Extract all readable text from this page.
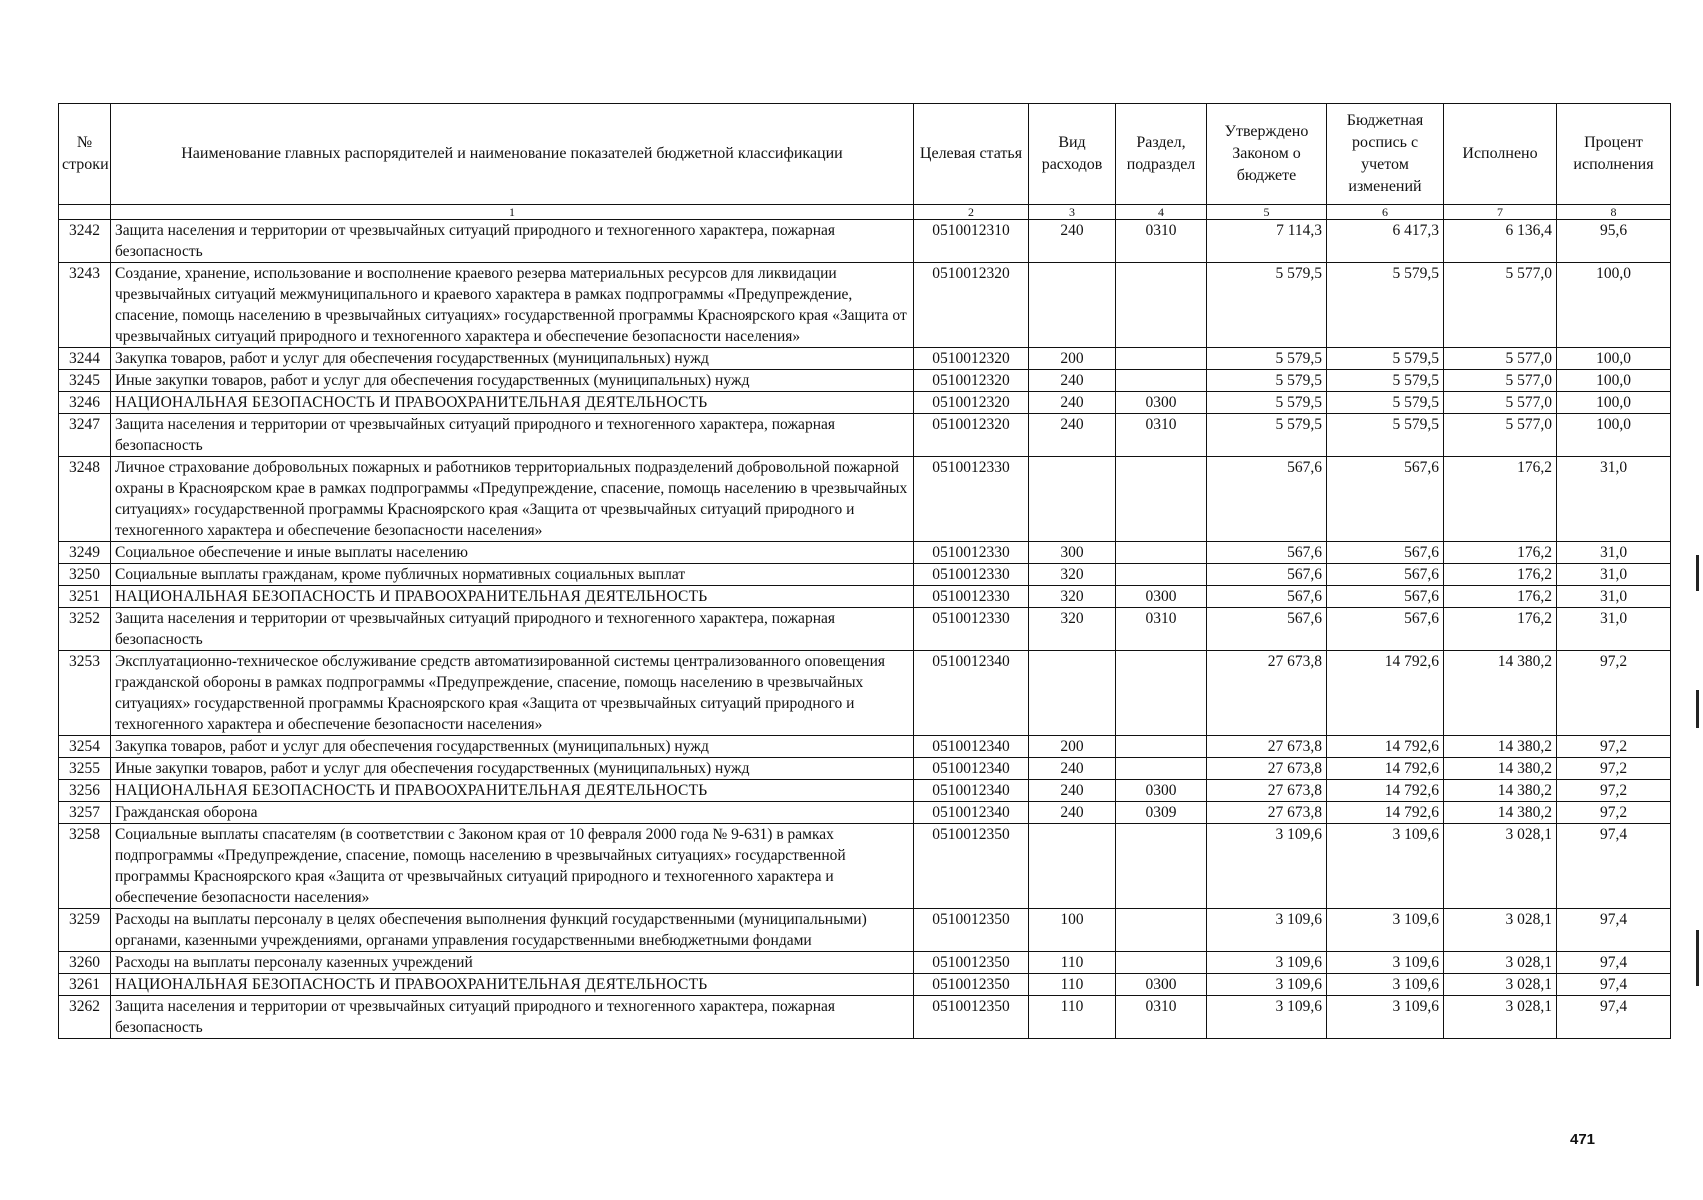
№ строки	Наименование главных распорядителей и наименование показателей бюджетной классификации	Целевая статья	Вид расходов	Раздел, подраздел	Утверждено Законом о бюджете	Бюджетная роспись с учетом изменений	Исполнено	Процент исполнения
	1	2	3	4	5	6	7	8
3242	Защита населения и территории от чрезвычайных ситуаций природного и техногенного характера, пожарная безопасность	0510012310	240	0310	7 114,3	6 417,3	6 136,4	95,6
3243	Создание, хранение, использование и восполнение краевого резерва материальных ресурсов для ликвидации чрезвычайных ситуаций межмуниципального и краевого характера в рамках подпрограммы «Предупреждение, спасение, помощь населению в чрезвычайных ситуациях» государственной программы Красноярского края «Защита от чрезвычайных ситуаций природного и техногенного характера и обеспечение безопасности населения»	0510012320			5 579,5	5 579,5	5 577,0	100,0
3244	Закупка товаров, работ и услуг для обеспечения государственных (муниципальных) нужд	0510012320	200		5 579,5	5 579,5	5 577,0	100,0
3245	Иные закупки товаров, работ и услуг для обеспечения государственных (муниципальных) нужд	0510012320	240		5 579,5	5 579,5	5 577,0	100,0
3246	НАЦИОНАЛЬНАЯ БЕЗОПАСНОСТЬ И ПРАВООХРАНИТЕЛЬНАЯ ДЕЯТЕЛЬНОСТЬ	0510012320	240	0300	5 579,5	5 579,5	5 577,0	100,0
3247	Защита населения и территории от чрезвычайных ситуаций природного и техногенного характера, пожарная безопасность	0510012320	240	0310	5 579,5	5 579,5	5 577,0	100,0
3248	Личное страхование добровольных пожарных и работников территориальных подразделений добровольной пожарной охраны в Красноярском крае в рамках подпрограммы «Предупреждение, спасение, помощь населению в чрезвычайных ситуациях» государственной программы Красноярского края «Защита от чрезвычайных ситуаций природного и техногенного характера и обеспечение безопасности населения»	0510012330			567,6	567,6	176,2	31,0
3249	Социальное обеспечение и иные выплаты населению	0510012330	300		567,6	567,6	176,2	31,0
3250	Социальные выплаты гражданам, кроме публичных нормативных социальных выплат	0510012330	320		567,6	567,6	176,2	31,0
3251	НАЦИОНАЛЬНАЯ БЕЗОПАСНОСТЬ И ПРАВООХРАНИТЕЛЬНАЯ ДЕЯТЕЛЬНОСТЬ	0510012330	320	0300	567,6	567,6	176,2	31,0
3252	Защита населения и территории от чрезвычайных ситуаций природного и техногенного характера, пожарная безопасность	0510012330	320	0310	567,6	567,6	176,2	31,0
3253	Эксплуатационно-техническое обслуживание средств автоматизированной системы централизованного оповещения гражданской обороны в рамках подпрограммы «Предупреждение, спасение, помощь населению в чрезвычайных ситуациях» государственной программы Красноярского края «Защита от чрезвычайных ситуаций природного и техногенного характера и обеспечение безопасности населения»	0510012340			27 673,8	14 792,6	14 380,2	97,2
3254	Закупка товаров, работ и услуг для обеспечения государственных (муниципальных) нужд	0510012340	200		27 673,8	14 792,6	14 380,2	97,2
3255	Иные закупки товаров, работ и услуг для обеспечения государственных (муниципальных) нужд	0510012340	240		27 673,8	14 792,6	14 380,2	97,2
3256	НАЦИОНАЛЬНАЯ БЕЗОПАСНОСТЬ И ПРАВООХРАНИТЕЛЬНАЯ ДЕЯТЕЛЬНОСТЬ	0510012340	240	0300	27 673,8	14 792,6	14 380,2	97,2
3257	Гражданская оборона	0510012340	240	0309	27 673,8	14 792,6	14 380,2	97,2
3258	Социальные выплаты спасателям (в соответствии с Законом края от 10 февраля 2000 года № 9-631) в рамках подпрограммы «Предупреждение, спасение, помощь населению в чрезвычайных ситуациях» государственной программы Красноярского края «Защита от чрезвычайных ситуаций природного и техногенного характера и обеспечение безопасности населения»	0510012350			3 109,6	3 109,6	3 028,1	97,4
3259	Расходы на выплаты персоналу в целях обеспечения выполнения функций государственными (муниципальными) органами, казенными учреждениями, органами управления государственными внебюджетными фондами	0510012350	100		3 109,6	3 109,6	3 028,1	97,4
3260	Расходы на выплаты персоналу казенных учреждений	0510012350	110		3 109,6	3 109,6	3 028,1	97,4
3261	НАЦИОНАЛЬНАЯ БЕЗОПАСНОСТЬ И ПРАВООХРАНИТЕЛЬНАЯ ДЕЯТЕЛЬНОСТЬ	0510012350	110	0300	3 109,6	3 109,6	3 028,1	97,4
3262	Защита населения и территории от чрезвычайных ситуаций природного и техногенного характера, пожарная безопасность	0510012350	110	0310	3 109,6	3 109,6	3 028,1	97,4
471
